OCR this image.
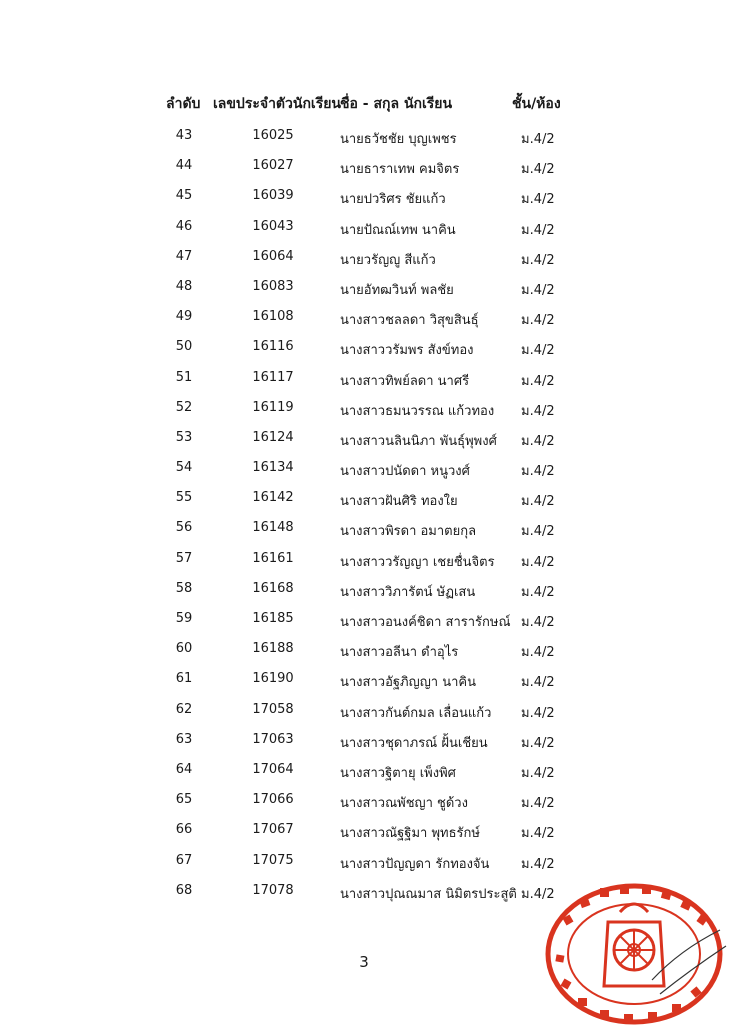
ลำดับ เลขประจำตัวนักเรียน
ชื่อ - สกุล นักเรียน	ชั้น/ห้อง
43	16025	นายธวัชชัย บุญเพชร	ม.4/2
44	16027	นายธาราเทพ คมจิตร	ม.4/2
45	16039	นายปวริศร ชัยแก้ว	ม.4/2
46	16043	นายปัณณ์เทพ นาคิน	ม.4/2
47	16064	นายวรัญญู สีแก้ว	ม.4/2
48	16083	นายอัทฒวินท์ พลชัย	ม.4/2
49	16108	นางสาวชลลดา วิสุขสินธุ์	ม.4/2
50	16116	นางสาววรัมพร สังข์ทอง	ม.4/2
51	16117	นางสาวทิพย์ลดา นาศรี	ม.4/2
52	16119	นางสาวธมนวรรณ แก้วทอง ม.4/2
53	16124	นางสาวนลินนิภา พันธุ์พุพงศ์ ม.4/2
54	16134	นางสาวปนัดดา หนูวงศ์	ม.4/2
55	16142	นางสาวฝันศิริ ทองใย	ม.4/2
56	16148	นางสาวพิรดา อมาตยกุล	ม.4/2
57	16161	นางสาววรัญญา เชยชื่นจิตร ม.4/2
58	16168	นางสาววิภารัตน์ ษัฏเสน	ม.4/2
59	16185	นางสาวอนงค์ชิดา สารารักษณ์ ม.4/2
60	16188	นางสาวอลีนา ดำอุไร	ม.4/2
61	16190	นางสาวอัฐภิญญา นาคิน	ม.4/2
62	17058	นางสาวกันต์กมล เลื่อนแก้ว ม.4/2
63	17063	นางสาวชุดาภรณ์ ฝั้นเชียน	ม.4/2
64	17064	นางสาวฐิตายุ เพ็งพิศ	ม.4/2
65	17066	นางสาวณพัชญา ชูด้วง	ม.4/2
66	17067	นางสาวณัฐฐิมา พุทธรักษ์	ม.4/2
67	17075	นางสาวปัญญดา รักทองจัน ม.4/2
68	17078	นางสาวปุณณมาส นิมิตรประสูติ ม.4/2
3
